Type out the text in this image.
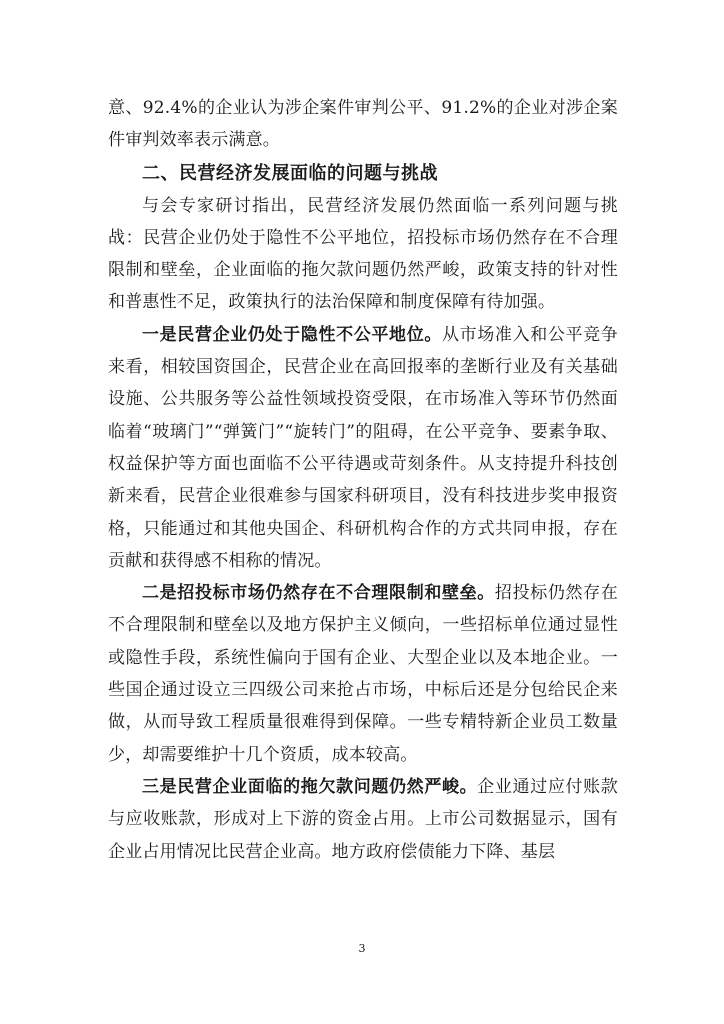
意、92.4%的企业认为涉企案件审判公平、91.2%的企业对涉企案件审判效率表示满意。

二、民营经济发展面临的问题与挑战

与会专家研讨指出，民营经济发展仍然面临一系列问题与挑战：民营企业仍处于隐性不公平地位，招投标市场仍然存在不合理限制和壁垒，企业面临的拖欠款问题仍然严峻，政策支持的针对性和普惠性不足，政策执行的法治保障和制度保障有待加强。

一是民营企业仍处于隐性不公平地位。从市场准入和公平竞争来看，相较国资国企，民营企业在高回报率的垄断行业及有关基础设施、公共服务等公益性领域投资受限，在市场准入等环节仍然面临着“玻璃门”“弹簧门”“旋转门”的阻碍，在公平竞争、要素争取、权益保护等方面也面临不公平待遇或苛刻条件。从支持提升科技创新来看，民营企业很难参与国家科研项目，没有科技进步奖申报资格，只能通过和其他央国企、科研机构合作的方式共同申报，存在贡献和获得感不相称的情况。

二是招投标市场仍然存在不合理限制和壁垒。招投标仍然存在不合理限制和壁垒以及地方保护主义倾向，一些招标单位通过显性或隐性手段，系统性偏向于国有企业、大型企业以及本地企业。一些国企通过设立三四级公司来抢占市场，中标后还是分包给民企来做，从而导致工程质量很难得到保障。一些专精特新企业员工数量少，却需要维护十几个资质，成本较高。

三是民营企业面临的拖欠款问题仍然严峻。企业通过应付账款与应收账款，形成对上下游的资金占用。上市公司数据显示，国有企业占用情况比民营企业高。地方政府偿债能力下降、基层

3
